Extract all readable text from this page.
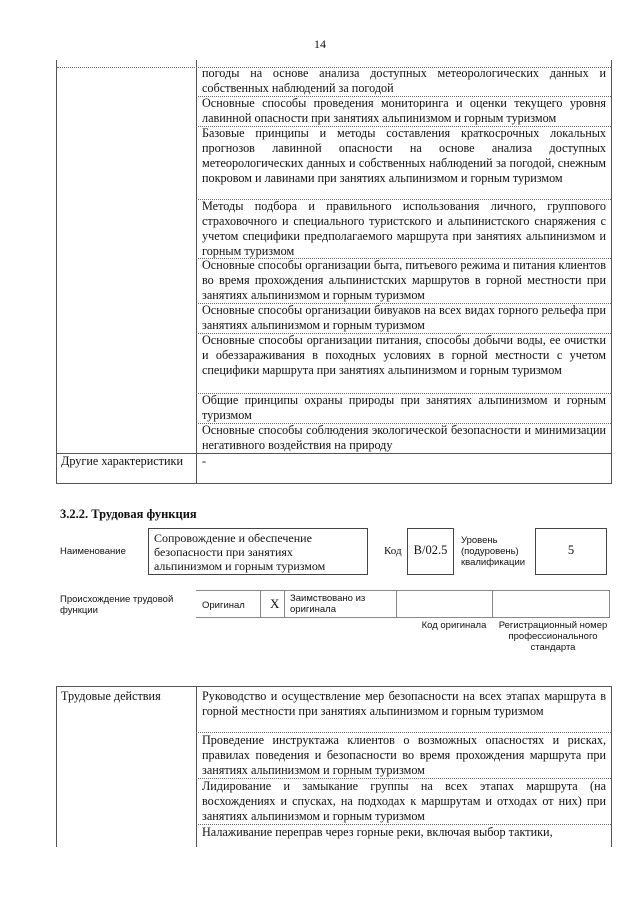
14
погоды на основе анализа доступных метеорологических данных и собственных наблюдений за погодой
Основные способы проведения мониторинга и оценки текущего уровня лавинной опасности при занятиях альпинизмом и горным туризмом
Базовые принципы и методы составления краткосрочных локальных прогнозов лавинной опасности на основе анализа доступных метеорологических данных и собственных наблюдений за погодой, снежным покровом и лавинами при занятиях альпинизмом и горным туризмом
Методы подбора и правильного использования личного, группового страховочного и специального туристского и альпинистского снаряжения с учетом специфики предполагаемого маршрута при занятиях альпинизмом и горным туризмом
Основные способы организации быта, питьевого режима и питания клиентов во время прохождения альпинистских маршрутов в горной местности при занятиях альпинизмом и горным туризмом
Основные способы организации бивуаков на всех видах горного рельефа при занятиях альпинизмом и горным туризмом
Основные способы организации питания, способы добычи воды, ее очистки и обеззараживания в походных условиях в горной местности с учетом специфики маршрута при занятиях альпинизмом и горным туризмом
Общие принципы охраны природы при занятиях альпинизмом и горным туризмом
Основные способы соблюдения экологической безопасности и минимизации негативного воздействия на природу
Другие характеристики	-
3.2.2. Трудовая функция
Наименование
Сопровождение и обеспечение безопасности при занятиях альпинизмом и горным туризмом
Код B/02.5
Уровень (подуровень) квалификации
5
Происхождение трудовой функции	Оригинал X Заимствовано из оригинала
Код оригинала	Регистрационный номер профессионального стандарта
Трудовые действия	Руководство и осуществление мер безопасности на всех этапах маршрута в горной местности при занятиях альпинизмом и горным туризмом
Проведение инструктажа клиентов о возможных опасностях и рисках, правилах поведения и безопасности во время прохождения маршрута при занятиях альпинизмом и горным туризмом
Лидирование и замыкание группы на всех этапах маршрута (на восхождениях и спусках, на подходах к маршрутам и отходах от них) при занятиях альпинизмом и горным туризмом
Налаживание переправ через горные реки, включая выбор тактики,
